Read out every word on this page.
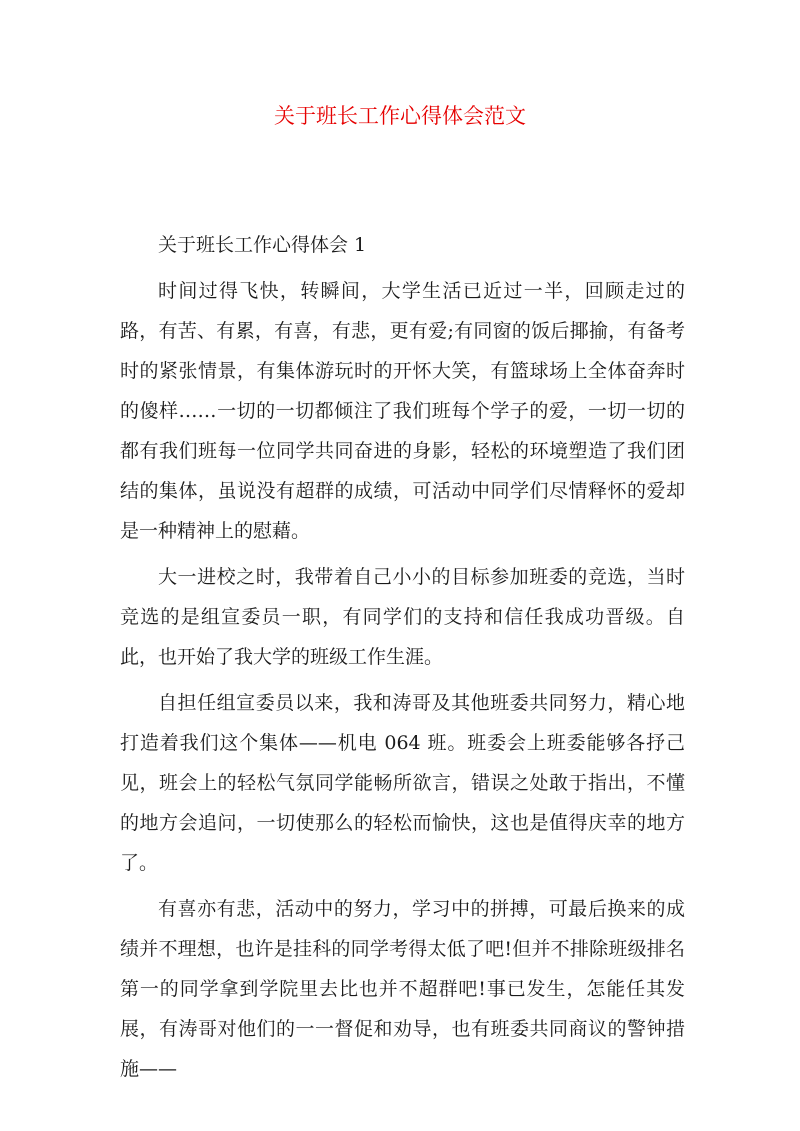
关于班长工作心得体会范文

关于班长工作心得体会 1

时间过得飞快，转瞬间，大学生活已近过一半，回顾走过的路，有苦、有累，有喜，有悲，更有爱;有同窗的饭后揶揄，有备考时的紧张情景，有集体游玩时的开怀大笑，有篮球场上全体奋奔时的傻样……一切的一切都倾注了我们班每个学子的爱，一切一切的都有我们班每一位同学共同奋进的身影，轻松的环境塑造了我们团结的集体，虽说没有超群的成绩，可活动中同学们尽情释怀的爱却是一种精神上的慰藉。

大一进校之时，我带着自己小小的目标参加班委的竞选，当时竞选的是组宣委员一职，有同学们的支持和信任我成功晋级。自此，也开始了我大学的班级工作生涯。

自担任组宣委员以来，我和涛哥及其他班委共同努力，精心地打造着我们这个集体——机电 064 班。班委会上班委能够各抒己见，班会上的轻松气氛同学能畅所欲言，错误之处敢于指出，不懂的地方会追问，一切使那么的轻松而愉快，这也是值得庆幸的地方了。

有喜亦有悲，活动中的努力，学习中的拼搏，可最后换来的成绩并不理想，也许是挂科的同学考得太低了吧!但并不排除班级排名第一的同学拿到学院里去比也并不超群吧!事已发生，怎能任其发展，有涛哥对他们的一一督促和劝导，也有班委共同商议的警钟措施——
